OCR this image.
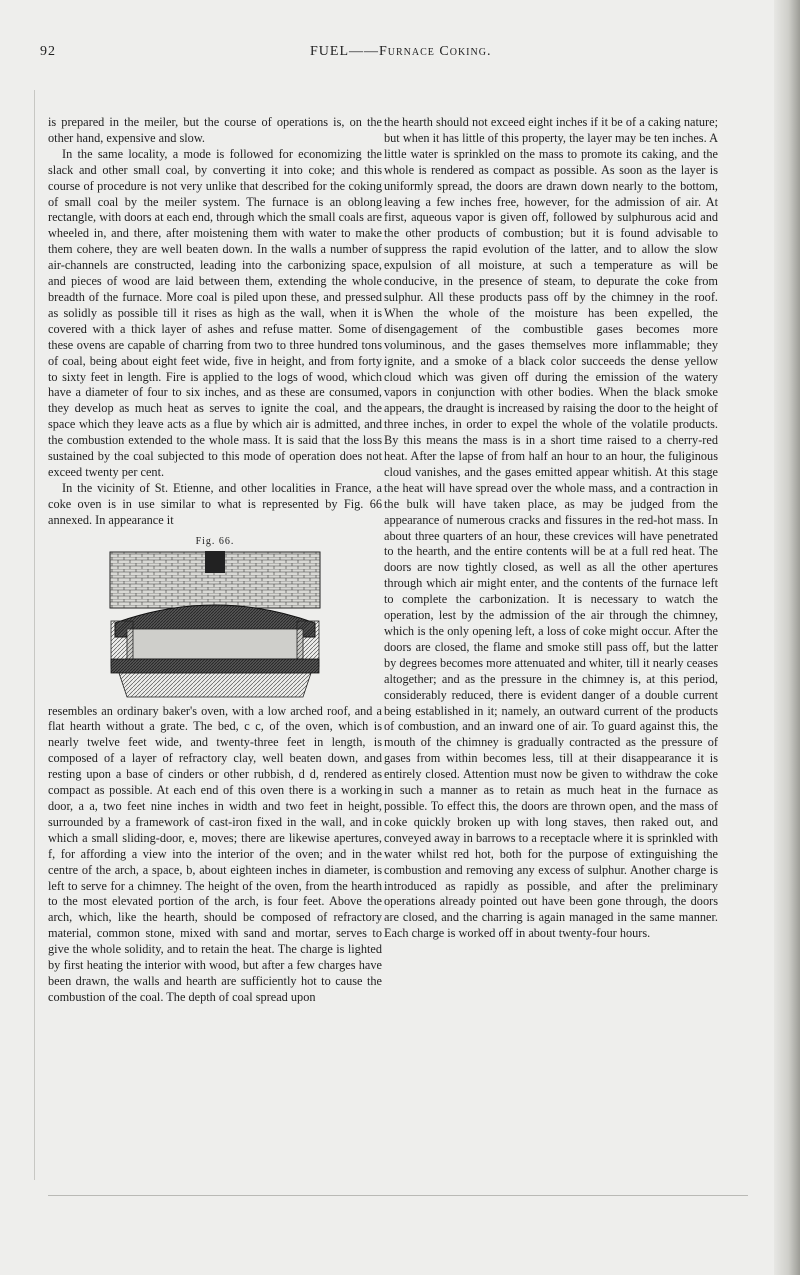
92	FUEL——Furnace Coking.

is prepared in the meiler, but the course of operations is, on the other hand, expensive and slow.

In the same locality, a mode is followed for economizing the slack and other small coal, by converting it into coke; and this course of procedure is not very unlike that described for the coking of small coal by the meiler system. The furnace is an oblong rectangle, with doors at each end, through which the small coals are wheeled in, and there, after moistening them with water to make them cohere, they are well beaten down. In the walls a number of air-channels are constructed, leading into the carbonizing space, and pieces of wood are laid between them, extending the whole breadth of the furnace. More coal is piled upon these, and pressed as solidly as possible till it rises as high as the wall, when it is covered with a thick layer of ashes and refuse matter. Some of these ovens are capable of charring from two to three hundred tons of coal, being about eight feet wide, five in height, and from forty to sixty feet in length. Fire is applied to the logs of wood, which have a diameter of four to six inches, and as these are consumed, they develop as much heat as serves to ignite the coal, and the space which they leave acts as a flue by which air is admitted, and the combustion extended to the whole mass. It is said that the loss sustained by the coal subjected to this mode of operation does not exceed twenty per cent.

In the vicinity of St. Etienne, and other localities in France, a coke oven is in use similar to what is represented by Fig. 66 annexed. In appearance it

Fig. 66.

resembles an ordinary baker's oven, with a low arched roof, and a flat hearth without a grate. The bed, c c, of the oven, which is nearly twelve feet wide, and twenty-three feet in length, is composed of a layer of refractory clay, well beaten down, and resting upon a base of cinders or other rubbish, d d, rendered as compact as possible. At each end of this oven there is a working door, a a, two feet nine inches in width and two feet in height, surrounded by a framework of cast-iron fixed in the wall, and in which a small sliding-door, e, moves; there are likewise apertures, f, for affording a view into the interior of the oven; and in the centre of the arch, a space, b, about eighteen inches in diameter, is left to serve for a chimney. The height of the oven, from the hearth to the most elevated portion of the arch, is four feet. Above the arch, which, like the hearth, should be composed of refractory material, common stone, mixed with sand and mortar, serves to give the whole solidity, and to retain the heat. The charge is lighted by first heating the interior with wood, but after a few charges have been drawn, the walls and hearth are sufficiently hot to cause the combustion of the coal. The depth of coal spread upon

the hearth should not exceed eight inches if it be of a caking nature; but when it has little of this property, the layer may be ten inches. A little water is sprinkled on the mass to promote its caking, and the whole is rendered as compact as possible. As soon as the layer is uniformly spread, the doors are drawn down nearly to the bottom, leaving a few inches free, however, for the admission of air. At first, aqueous vapor is given off, followed by sulphurous acid and the other products of combustion; but it is found advisable to suppress the rapid evolution of the latter, and to allow the slow expulsion of all moisture, at such a temperature as will be conducive, in the presence of steam, to depurate the coke from sulphur. All these products pass off by the chimney in the roof. When the whole of the moisture has been expelled, the disengagement of the combustible gases becomes more voluminous, and the gases themselves more inflammable; they ignite, and a smoke of a black color succeeds the dense yellow cloud which was given off during the emission of the watery vapors in conjunction with other bodies. When the black smoke appears, the draught is increased by raising the door to the height of three inches, in order to expel the whole of the volatile products. By this means the mass is in a short time raised to a cherry-red heat. After the lapse of from half an hour to an hour, the fuliginous cloud vanishes, and the gases emitted appear whitish. At this stage the heat will have spread over the whole mass, and a contraction in the bulk will have taken place, as may be judged from the appearance of numerous cracks and fissures in the red-hot mass. In about three quarters of an hour, these crevices will have penetrated to the hearth, and the entire contents will be at a full red heat. The doors are now tightly closed, as well as all the other apertures through which air might enter, and the contents of the furnace left to complete the carbonization. It is necessary to watch the operation, lest by the admission of the air through the chimney, which is the only opening left, a loss of coke might occur. After the doors are closed, the flame and smoke still pass off, but the latter by degrees becomes more attenuated and whiter, till it nearly ceases altogether; and as the pressure in the chimney is, at this period, considerably reduced, there is evident danger of a double current being established in it; namely, an outward current of the products of combustion, and an inward one of air. To guard against this, the mouth of the chimney is gradually contracted as the pressure of gases from within becomes less, till at their disappearance it is entirely closed. Attention must now be given to withdraw the coke in such a manner as to retain as much heat in the furnace as possible. To effect this, the doors are thrown open, and the mass of coke quickly broken up with long staves, then raked out, and conveyed away in barrows to a receptacle where it is sprinkled with water whilst red hot, both for the purpose of extinguishing the combustion and removing any excess of sulphur. Another charge is introduced as rapidly as possible, and after the preliminary operations already pointed out have been gone through, the doors are closed, and the charring is again managed in the same manner. Each charge is worked off in about twenty-four hours.
